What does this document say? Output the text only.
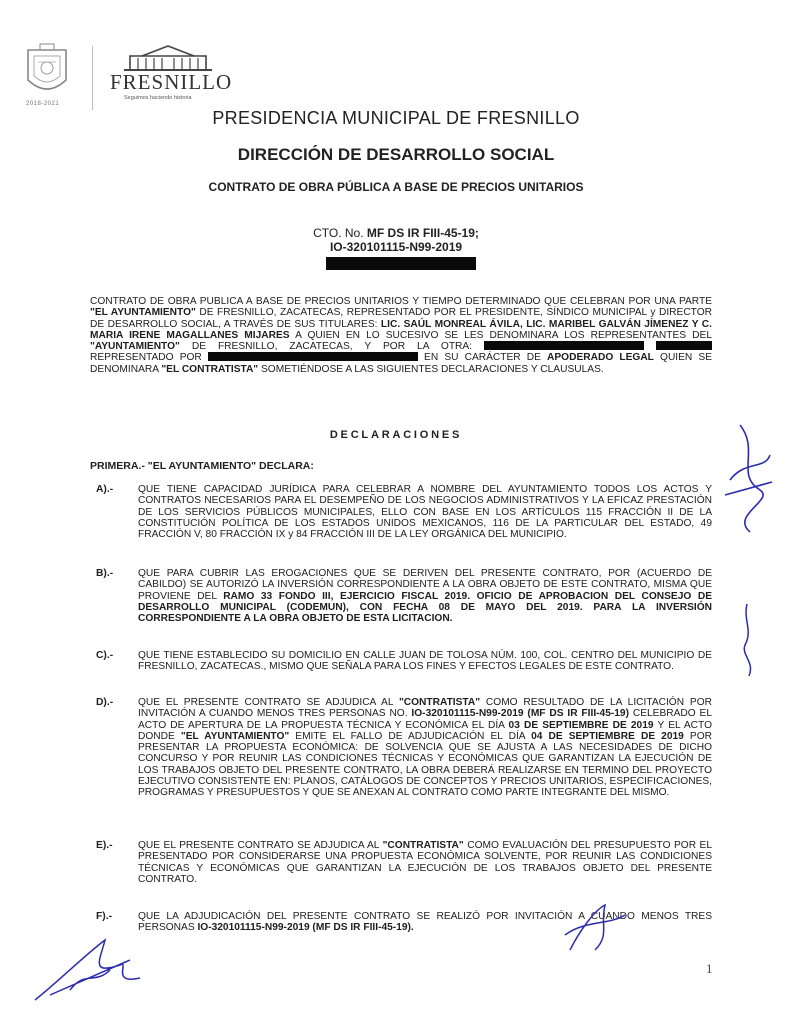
2018-2021
FRESNILLO
Seguimos haciendo historia
PRESIDENCIA MUNICIPAL DE FRESNILLO
DIRECCIÓN DE DESARROLLO SOCIAL
CONTRATO DE OBRA PÚBLICA A BASE DE PRECIOS UNITARIOS
CTO. No. MF DS IR FIII-45-19;
IO-320101115-N99-2019
CONTRATO DE OBRA PUBLICA A BASE DE PRECIOS UNITARIOS Y TIEMPO DETERMINADO QUE CELEBRAN POR UNA PARTE "EL AYUNTAMIENTO" DE FRESNILLO, ZACATECAS, REPRESENTADO POR EL PRESIDENTE, SÍNDICO MUNICIPAL y DIRECTOR DE DESARROLLO SOCIAL, A TRAVÉS DE SUS TITULARES: LIC. SAÚL MONREAL ÁVILA, LIC. MARIBEL GALVÁN JÍMENEZ Y C. MARIA IRENE MAGALLANES MIJARES A QUIEN EN LO SUCESIVO SE LES DENOMINARA LOS REPRESENTANTES DEL "AYUNTAMIENTO" DE FRESNILLO, ZACATECAS, Y POR LA OTRA:   REPRESENTADO POR	EN SU CARÁCTER DE APODERADO LEGAL QUIEN SE DENOMINARA "EL CONTRATISTA" SOMETIÉNDOSE A LAS SIGUIENTES DECLARACIONES Y CLAUSULAS.
DECLARACIONES
PRIMERA.- "EL AYUNTAMIENTO" DECLARA:
A).- QUE TIENE CAPACIDAD JURÍDICA PARA CELEBRAR A NOMBRE DEL AYUNTAMIENTO TODOS LOS ACTOS Y CONTRATOS NECESARIOS PARA EL DESEMPEÑO DE LOS NEGOCIOS ADMINISTRATIVOS Y LA EFICAZ PRESTACIÓN DE LOS SERVICIOS PÚBLICOS MUNICIPALES, ELLO CON BASE EN LOS ARTÍCULOS 115 FRACCIÓN II DE LA CONSTITUCIÓN POLÍTICA DE LOS ESTADOS UNIDOS MEXICANOS, 116 DE LA PARTICULAR DEL ESTADO, 49 FRACCIÓN V, 80 FRACCIÓN IX y 84 FRACCIÓN III DE LA LEY ORGÁNICA DEL MUNICIPIO.
B).- QUE PARA CUBRIR LAS EROGACIONES QUE SE DERIVEN DEL PRESENTE CONTRATO, POR (ACUERDO DE CABILDO) SE AUTORIZÓ LA INVERSIÓN CORRESPONDIENTE A LA OBRA OBJETO DE ESTE CONTRATO, MISMA QUE PROVIENE DEL RAMO 33 FONDO III, EJERCICIO FISCAL 2019. OFICIO DE APROBACION DEL CONSEJO DE DESARROLLO MUNICIPAL (CODEMUN), CON FECHA 08 DE MAYO DEL 2019. PARA LA INVERSIÓN CORRESPONDIENTE A LA OBRA OBJETO DE ESTA LICITACION.
C).- QUE TIENE ESTABLECIDO SU DOMICILIO EN CALLE JUAN DE TOLOSA NÚM. 100, COL. CENTRO DEL MUNICIPIO DE FRESNILLO, ZACATECAS., MISMO QUE SEÑALA PARA LOS FINES Y EFECTOS LEGALES DE ESTE CONTRATO.
D).- QUE EL PRESENTE CONTRATO SE ADJUDICA AL "CONTRATISTA" COMO RESULTADO DE LA LICITACIÓN POR INVITACIÓN A CUANDO MENOS TRES PERSONAS NO. IO-320101115-N99-2019 (MF DS IR FIII-45-19) CELEBRADO EL ACTO DE APERTURA DE LA PROPUESTA TÉCNICA Y ECONÓMICA EL DÍA 03 DE SEPTIEMBRE DE 2019 Y EL ACTO DONDE "EL AYUNTAMIENTO" EMITE EL FALLO DE ADJUDICACIÓN EL DÍA 04 DE SEPTIEMBRE DE 2019 POR PRESENTAR LA PROPUESTA ECONÓMICA: DE SOLVENCIA QUE SE AJUSTA A LAS NECESIDADES DE DICHO CONCURSO Y POR REUNIR LAS CONDICIONES TÉCNICAS Y ECONÓMICAS QUE GARANTIZAN LA EJECUCIÓN DE LOS TRABAJOS OBJETO DEL PRESENTE CONTRATO, LA OBRA DEBERÁ REALIZARSE EN TERMINO DEL PROYECTO EJECUTIVO CONSISTENTE EN: PLANOS, CATÁLOGOS DE CONCEPTOS Y PRECIOS UNITARIOS, ESPECIFICACIONES, PROGRAMAS Y PRESUPUESTOS Y QUE SE ANEXAN AL CONTRATO COMO PARTE INTEGRANTE DEL MISMO.
E).- QUE EL PRESENTE CONTRATO SE ADJUDICA AL "CONTRATISTA" COMO EVALUACIÓN DEL PRESUPUESTO POR EL PRESENTADO POR CONSIDERARSE UNA PROPUESTA ECONÓMICA SOLVENTE, POR REUNIR LAS CONDICIONES TÉCNICAS Y ECONÓMICAS QUE GARANTIZAN LA EJECUCIÓN DE LOS TRABAJOS OBJETO DEL PRESENTE CONTRATO.
F).-	QUE LA ADJUDICACIÓN DEL PRESENTE CONTRATO SE REALIZÓ POR INVITACIÓN A CUANDO MENOS TRES PERSONAS IO-320101115-N99-2019 (MF DS IR FIII-45-19).
1
